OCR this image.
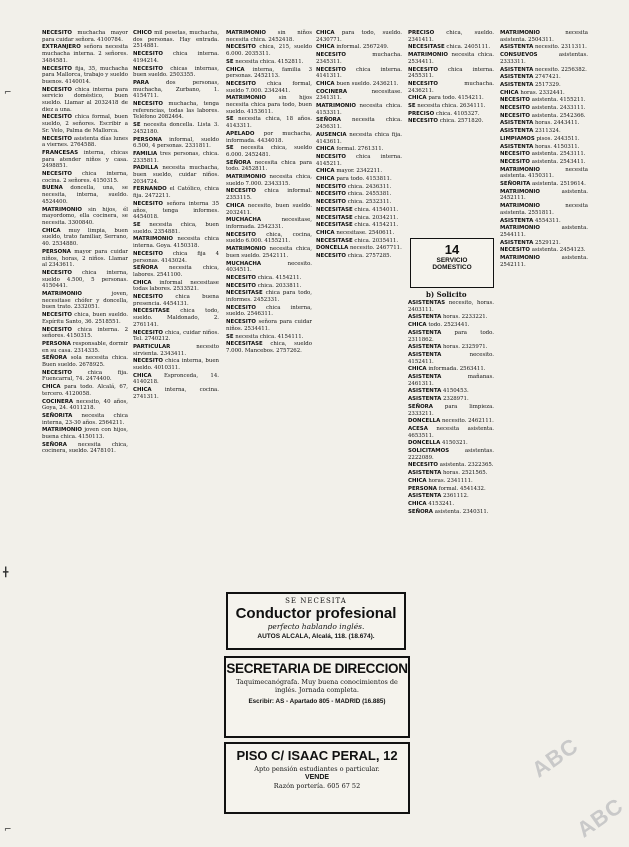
⌐
╋
⌐

NECESITO muchacha mayor para cuidar señora. 4100784.

EXTRANJERO señora necesita muchacha interna. 2 señores. 3484581.

NECESITO fija, 35, muchacha para Mallorca, trabajo y sueldo buenos. 4140014.

NECESITO chica interna para servicio doméstico, buen sueldo. Llamar al 2032418 de diez a una.

NECESITO chica formal, buen sueldo, 2 señores. Escribir a Sr. Velo, Palma de Mallorca.

NECESITO asistenta días lunes a viernes. 2764588.

FRANCESAS interna, chicas para atender niños y casa. 2498851.

NECESITO chica interna, cocina. 2 señores. 4150315.

BUENA doncella, una, se necesita, interna, sueldo. 4524400.

MATRIMONIO sin hijos, él mayordomo, ella cocinera, se necesita. 3300840.

CHICA muy limpia, buen sueldo, trato familiar, Serrano, 40. 2534880.

PERSONA mayor para cuidar niños, horas, 2 niños. Llamar al 2343611.

NECESITO chica interna, sueldo 4.500, 5 personas. 4150441.

MATRIMONIO joven, necesitase chófer y doncella, buen trato. 2332051.

NECESITO chica, buen sueldo. Espíritu Santo, 36. 2518551.

NECESITO chica interna. 2 señores. 4150315.

PERSONA responsable, dormir en su casa. 2314335.

SEÑORA sola necesita chica. Buen sueldo. 2678925.

NECESITO chica fija. Fuencarral, 74. 2474400.

CHICA para todo. Alcalá, 67, tercero. 4120058.

COCINERA necesito, 40 años, Goya, 24. 4011218.

SEÑORITA necesita chica interna, 23-30 años. 2564211.

MATRIMONIO joven con hijos, buena chica. 4150113.

SEÑORA necesita chica, cocinera, sueldo. 2478101.

CHICO mil pesetas, muchacha, dos personas. Hay entrada. 2514881.

NECESITO chica interna. 4194214.

NECESITO chicas internas, buen sueldo. 2503355.

PARA dos personas, muchacha, Zurbano, 1. 4154711.

NECESITO muchacha, tenga referencias, todas las labores. Teléfono 2082464.

SE necesita doncella. Lista 3. 2452180.

PERSONA informal, sueldo 6.500, 4 personas. 2331811.

FAMILIA tres personas, chica. 2335811.

PADILLA necesita muchacha, buen sueldo, cuidar niños. 2034724.

FERNANDO el Católico, chica fija. 2472211.

NECESITO señora interna 35 años, tenga informes. 4454018.

SE necesita chica, buen sueldo. 2354881.

MATRIMONIO necesita chica interna. Goya. 4150318.

NECESITO chica fija 4 personas. 4143024.

SEÑORA necesita chica, labores. 2541100.

CHICA informal necesitase todas labores. 2533521.

NECESITO chica buena presencia. 4454131.

NECESITASE chica todo, sueldo. Maldonado, 2. 2761141.

NECESITO chica, cuidar niños. Tel. 2740212.

PARTICULAR necesito sirvienta. 2343411.

NECESITO chica interna, buen sueldo. 4010311.

CHICA Espronceda, 14. 4140218.

CHICA interna, cocina. 2741311.

MATRIMONIO sin niños necesita chica. 2452418.

NECESITO chica, 215, sueldo 6.000. 2035311.

SE necesita chica. 4152811.

CHICA interna, familia 3 personas. 2452113.

NECESITO chica formal, sueldo 7.000. 2342441.

MATRIMONIO sin hijos necesita chica para todo, buen sueldo. 4153611.

SE necesita chica, 18 años. 4143311.

APELADO por muchacha, informada. 4434018.

SE necesita chica, sueldo 6.000. 2452481.

SEÑORA necesita chica para todo. 2452811.

MATRIMONIO necesita chica, sueldo 7.000. 2343315.

NECESITO chica informal. 2353115.

CHICA necesito, buen sueldo. 2032411.

MUCHACHA necesitase, informada. 2542331.

NECESITO chica, cocina, sueldo 6.000. 4155211.

MATRIMONIO necesita chica, buen sueldo. 2542111.

MUCHACHA necesito. 4034511.

NECESITO chica. 4154211.

NECESITO chica. 2033811.

NECESITASE chica para todo, informes. 2452331.

NECESITO chica interna, sueldo. 2546311.

NECESITO señora para cuidar niños. 2534411.

SE necesita chica. 4154111.

NECESITASE chica, sueldo 7.000. Mancebos. 2757262.

CHICA para todo, sueldo. 2430771.

CHICA informal. 2567249.

NECESITO muchacha. 2345311.

NECESITO chica interna. 4141311.

CHICA buen sueldo. 2436211.

COCINERA necesitase. 2341311.

MATRIMONIO necesita chica. 4153311.

SEÑORA necesita chica. 2456311.

AUSENCIA necesita chica fija. 4143611.

CHICA formal. 2761311.

NECESITO chica interna. 4145211.

CHICA mayor. 2342211.

CHICA para todo. 4153811.

NECESITO chica. 2436311.

NECESITO chica. 2455381.

NECESITO chica. 2532311.

NECESITASE chica. 4154011.

NECESITASE chica. 2034211.

NECESITASE chica. 4154211.

CHICA necesitase. 2540611.

NECESITASE chica. 2035411.

DONCELLA necesito. 2467711.

NECESITO chica. 2757285.

PRECISO chica, sueldo. 2341411.

NECESITASE chica. 2405111.

MATRIMONIO necesita chica. 2534411.

NECESITO chica interna. 2455311.

NECESITO muchacha. 2436211.

CHICA para todo. 4154211.

SE necesita chica. 2634111.

PRECISO chica. 4105327.

NECESITO chica. 2571820.

ASISTENTAS necesito, horas. 2403111.

ASISTENTA horas. 2233221.

CHICA todo. 2523441.

ASISTENTA para todo. 2311862.

ASISTENTA horas. 2325971.

ASISTENTA necesito. 4152411.

CHICA informada. 2563411.

ASISTENTA mañanas. 2461311.

ASISTENTA 4150453.

ASISTENTA 2328971.

SEÑORA para limpieza. 2333211.

DONCELLA necesito. 2462111.

ACESA necesita asistenta. 4653511.

DONCELLA 4150321.

SOLICITAMOS asistentas. 2222089.

NECESITO asistenta. 2322365.

ASISTENTA horas. 2521565.

CHICA horas. 2341111.

PERSONA formal. 4541432.

ASISTENTA 2361112.

CHICA 4153241.

SEÑORA asistenta. 2340311.

MATRIMONIO necesita asistenta. 2504311.

ASISTENTA necesito. 2311311.

CONSUEVOS asistentas. 2333311.

ASISTENTA necesito. 2256382.

ASISTENTA 2747421.

ASISTENTA 2517329.

CHICA horas. 2332441.

NECESITO asistenta. 4155211.

NECESITO asistenta. 2433111.

NECESITO asistenta. 2542366.

ASISTENTA horas. 2443411.

ASISTENTA 2311324.

LIMPIAMOS pisos. 2443511.

ASISTENTA horas. 4150311.

NECESITO asistenta. 2543111.

NECESITO asistenta. 2543411.

MATRIMONIO necesita asistenta. 4150311.

SEÑORITA asistenta. 2519614.

MATRIMONIO asistenta. 2452111.

MATRIMONIO necesita asistenta. 2551811.

ASISTENTA 4554311.

MATRIMONIO asistenta. 2544111.

ASISTENTA 2529121.

NECESITO asistenta. 2454123.

MATRIMONIO asistenta. 2542111.

14
SERVICIO DOMESTICO
b) Solicito
SE NECESITA
Conductor profesional
perfecto hablando inglés.
AUTOS ALCALA, Alcalá, 118. (18.674).
SECRETARIA DE DIRECCION
Taquimecanógrafa. Muy buena conocimientos de inglés. Jornada completa.
Escribir: AS - Apartado 805 - MADRID (16.885)
PISO C/ ISAAC PERAL, 12
Apto pensión estudiantes o particular.
VENDE
Razón portería. 605 67 52
ABC
ABC
